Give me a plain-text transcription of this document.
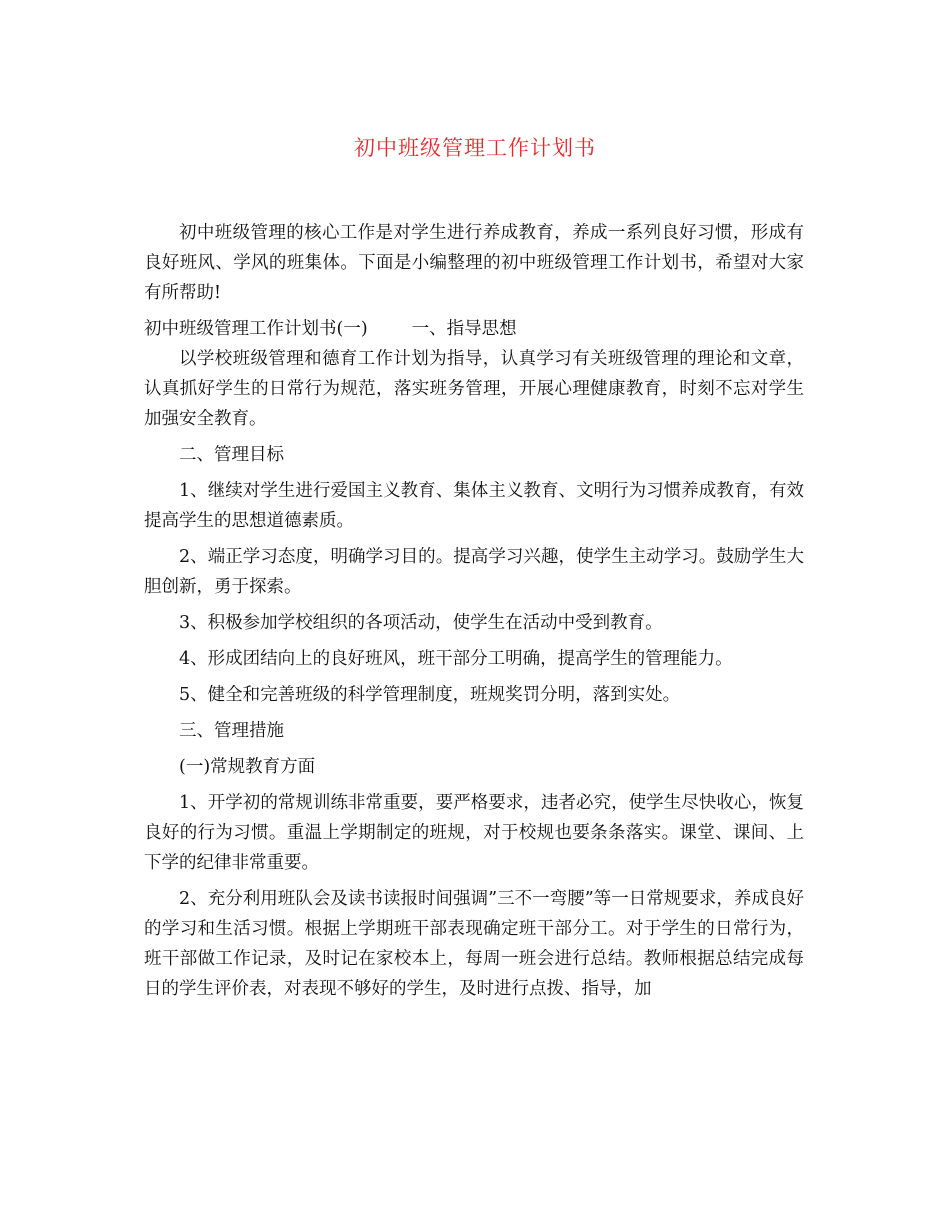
初中班级管理工作计划书

初中班级管理的核心工作是对学生进行养成教育，养成一系列良好习惯，形成有良好班风、学风的班集体。下面是小编整理的初中班级管理工作计划书，希望对大家有所帮助!

初中班级管理工作计划书(一)	一、指导思想

以学校班级管理和德育工作计划为指导，认真学习有关班级管理的理论和文章，认真抓好学生的日常行为规范，落实班务管理，开展心理健康教育，时刻不忘对学生加强安全教育。

二、管理目标

1、继续对学生进行爱国主义教育、集体主义教育、文明行为习惯养成教育，有效提高学生的思想道德素质。

2、端正学习态度，明确学习目的。提高学习兴趣，使学生主动学习。鼓励学生大胆创新，勇于探索。

3、积极参加学校组织的各项活动，使学生在活动中受到教育。

4、形成团结向上的良好班风，班干部分工明确，提高学生的管理能力。

5、健全和完善班级的科学管理制度，班规奖罚分明，落到实处。

三、管理措施

(一)常规教育方面

1、开学初的常规训练非常重要，要严格要求，违者必究，使学生尽快收心，恢复良好的行为习惯。重温上学期制定的班规，对于校规也要条条落实。课堂、课间、上下学的纪律非常重要。

2、充分利用班队会及读书读报时间强调”三不一弯腰”等一日常规要求，养成良好的学习和生活习惯。根据上学期班干部表现确定班干部分工。对于学生的日常行为，班干部做工作记录，及时记在家校本上，每周一班会进行总结。教师根据总结完成每日的学生评价表，对表现不够好的学生，及时进行点拨、指导，加
